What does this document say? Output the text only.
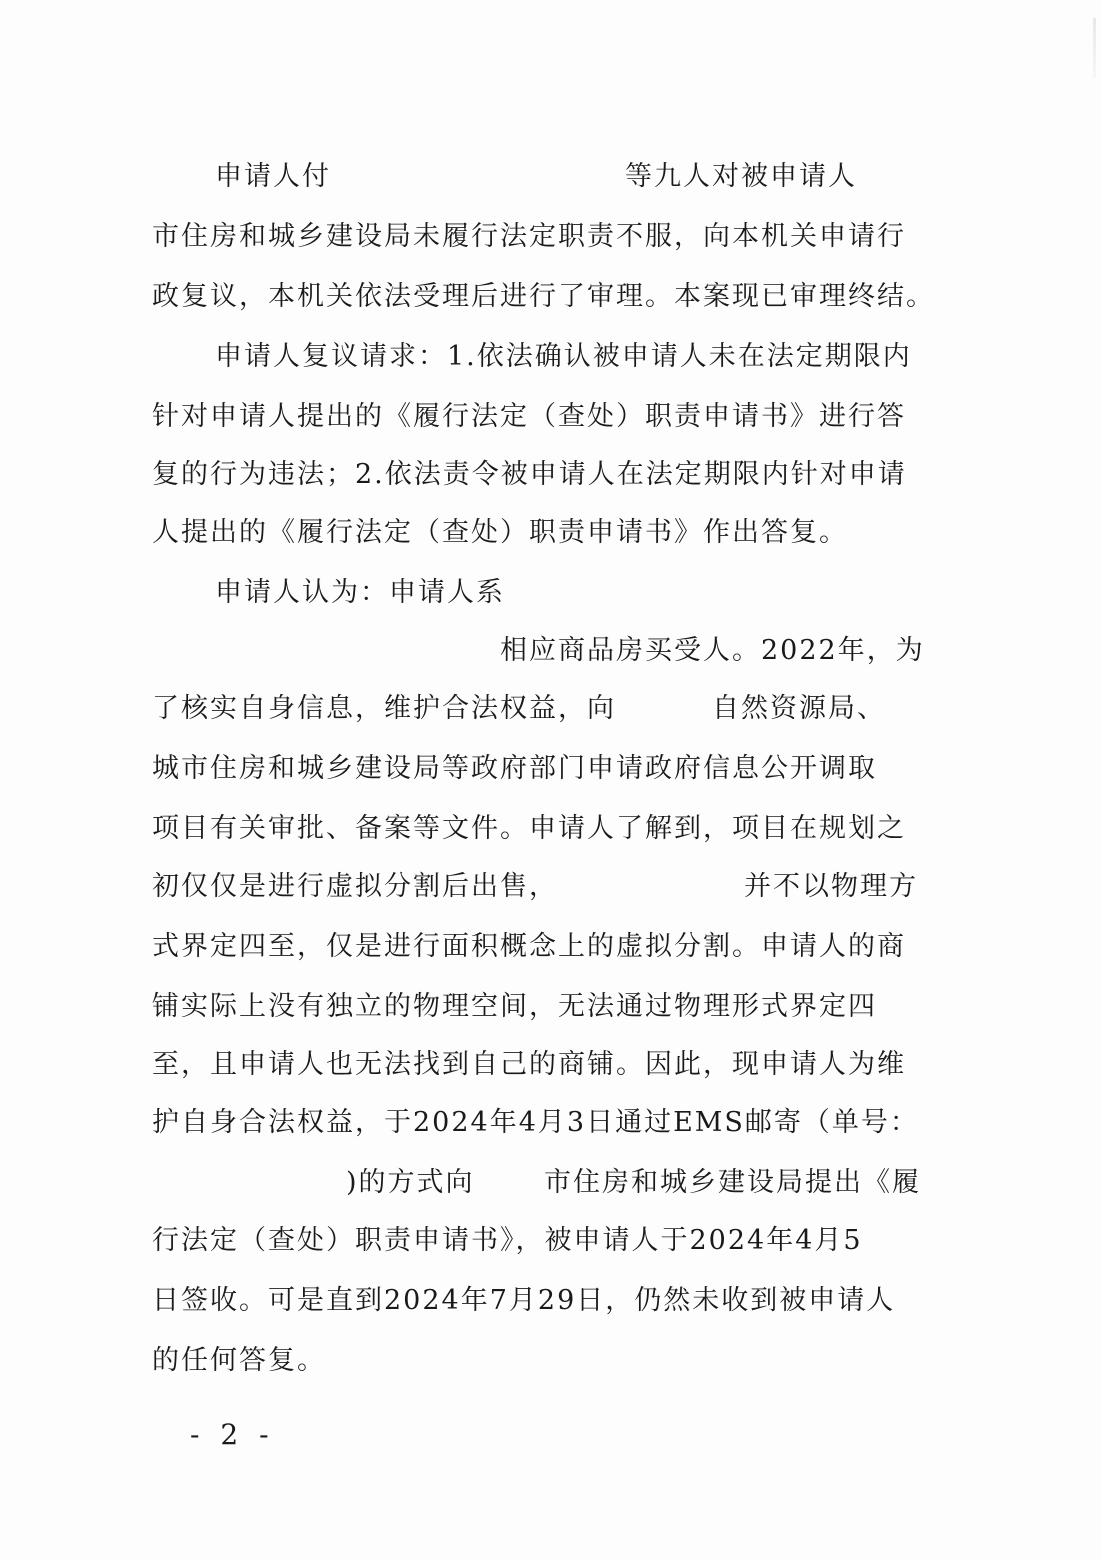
申请人付	等九人对被申请人
市住房和城乡建设局未履行法定职责不服，向本机关申请行
政复议，本机关依法受理后进行了审理。本案现已审理终结。
申请人复议请求：1.依法确认被申请人未在法定期限内
针对申请人提出的《履行法定（查处）职责申请书》进行答
复的行为违法；2.依法责令被申请人在法定期限内针对申请
人提出的《履行法定（查处）职责申请书》作出答复。
申请人认为：申请人系
相应商品房买受人。2022年，为
了核实自身信息，维护合法权益，向	自然资源局、
城市住房和城乡建设局等政府部门申请政府信息公开调取
项目有关审批、备案等文件。申请人了解到，项目在规划之
初仅仅是进行虚拟分割后出售，	并不以物理方
式界定四至，仅是进行面积概念上的虚拟分割。申请人的商
铺实际上没有独立的物理空间，无法通过物理形式界定四
至，且申请人也无法找到自己的商铺。因此，现申请人为维
护自身合法权益，于2024年4月3日通过EMS邮寄（单号：
)的方式向	市住房和城乡建设局提出《履
行法定（查处）职责申请书》，被申请人于2024年4月5
日签收。可是直到2024年7月29日，仍然未收到被申请人
的任何答复。
- 2 -
